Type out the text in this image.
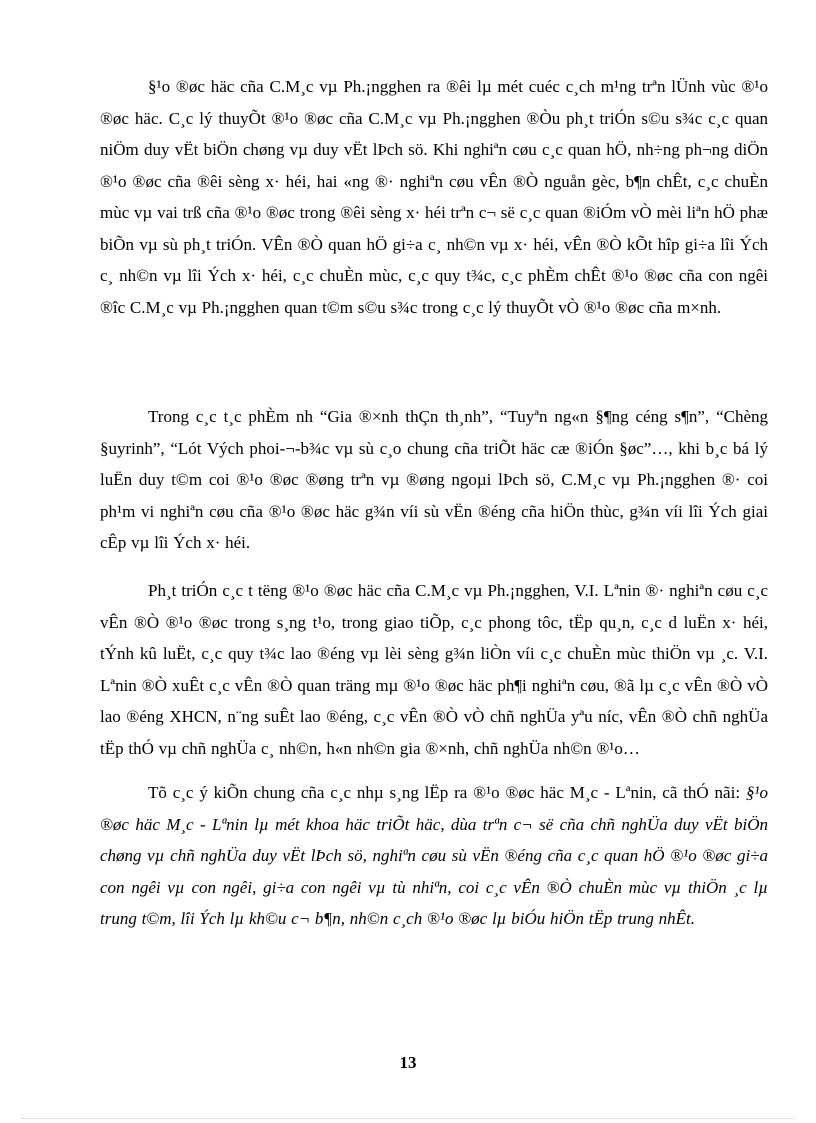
§¹o ®øc häc cña C.M¸c vµ Ph.¡ngghen ra ®êi lµ mét cuéc c¸ch m¹ng trªn lÜnh vùc ®¹o ®øc häc. C¸c lý thuyÕt ®¹o ®øc cña C.M¸c vµ Ph.¡ngghen ®Òu ph¸t triÓn s©u s¾c c¸c quan niÖm duy vËt biÖn chøng vµ duy vËt lÞch sö. Khi nghiªn cøu c¸c quan hÖ, nh÷ng ph¬ng diÖn ®¹o ®øc cña ®êi sèng x· héi, hai «ng ®· nghiªn cøu vÊn ®Ò nguån gèc, b¶n chÊt, c¸c chuÈn mùc vµ vai trß cña ®¹o ®øc trong ®êi sèng x· héi trªn c¬ së c¸c quan ®iÓm vÒ mèi liªn hÖ phæ biÕn vµ sù ph¸t triÓn. VÊn ®Ò quan hÖ gi÷a c¸ nh©n vµ x· héi, vÊn ®Ò kÕt hîp gi÷a lîi Ých c¸ nh©n vµ lîi Ých x· héi, c¸c chuÈn mùc, c¸c quy t¾c, c¸c phÈm chÊt ®¹o ®øc cña con ngêi ®îc C.M¸c vµ Ph.¡ngghen quan t©m s©u s¾c trong c¸c lý thuyÕt vÒ ®¹o ®øc cña m×nh.

Trong c¸c t¸c phÈm nh “Gia ®×nh thÇn th¸nh”, “Tuyªn ng«n §¶ng céng s¶n”, “Chèng §uyrinh”, “Lót Vých phoi-¬-b¾c vµ sù c¸o chung cña triÕt häc cæ ®iÓn §øc”…, khi b¸c bá lý luËn duy t©m coi ®¹o ®øc ®øng trªn vµ ®øng ngoµi lÞch sö, C.M¸c vµ Ph.¡ngghen ®· coi ph¹m vi nghiªn cøu cña ®¹o ®øc häc g¾n víi sù vËn ®éng cña hiÖn thùc, g¾n víi lîi Ých giai cÊp vµ lîi Ých x· héi.

Ph¸t triÓn c¸c t tëng ®¹o ®øc häc cña C.M¸c vµ Ph.¡ngghen, V.I. Lªnin ®· nghiªn cøu c¸c vÊn ®Ò ®¹o ®øc trong s¸ng t¹o, trong giao tiÕp, c¸c phong tôc, tËp qu¸n, c¸c d luËn x· héi, tÝnh kû luËt, c¸c quy t¾c lao ®éng vµ lèi sèng g¾n liÒn víi c¸c chuÈn mùc thiÖn vµ ¸c. V.I. Lªnin ®Ò xuÊt c¸c vÊn ®Ò quan träng mµ ®¹o ®øc häc ph¶i nghiªn cøu, ®ã lµ c¸c vÊn ®Ò vÒ lao ®éng XHCN, n¨ng suÊt lao ®éng, c¸c vÊn ®Ò vÒ chñ nghÜa yªu níc, vÊn ®Ò chñ nghÜa tËp thÓ vµ chñ nghÜa c¸ nh©n, h«n nh©n gia ®×nh, chñ nghÜa nh©n ®¹o…

Tõ c¸c ý kiÕn chung cña c¸c nhµ s¸ng lËp ra ®¹o ®øc häc M¸c - Lªnin, cã thÓ nãi: §¹o ®øc häc M¸c - Lªnin lµ mét khoa häc triÕt häc, dùa trªn c¬ së cña chñ nghÜa duy vËt biÖn chøng vµ chñ nghÜa duy vËt lÞch sö, nghiªn cøu sù vËn ®éng cña c¸c quan hÖ ®¹o ®øc gi÷a con ngêi vµ con ngêi, gi÷a con ngêi vµ tù nhiªn, coi c¸c vÊn ®Ò chuÈn mùc vµ thiÖn ¸c lµ trung t©m, lîi Ých lµ kh©u c¬ b¶n, nh©n c¸ch ®¹o ®øc lµ biÓu hiÖn tËp trung nhÊt.

13
